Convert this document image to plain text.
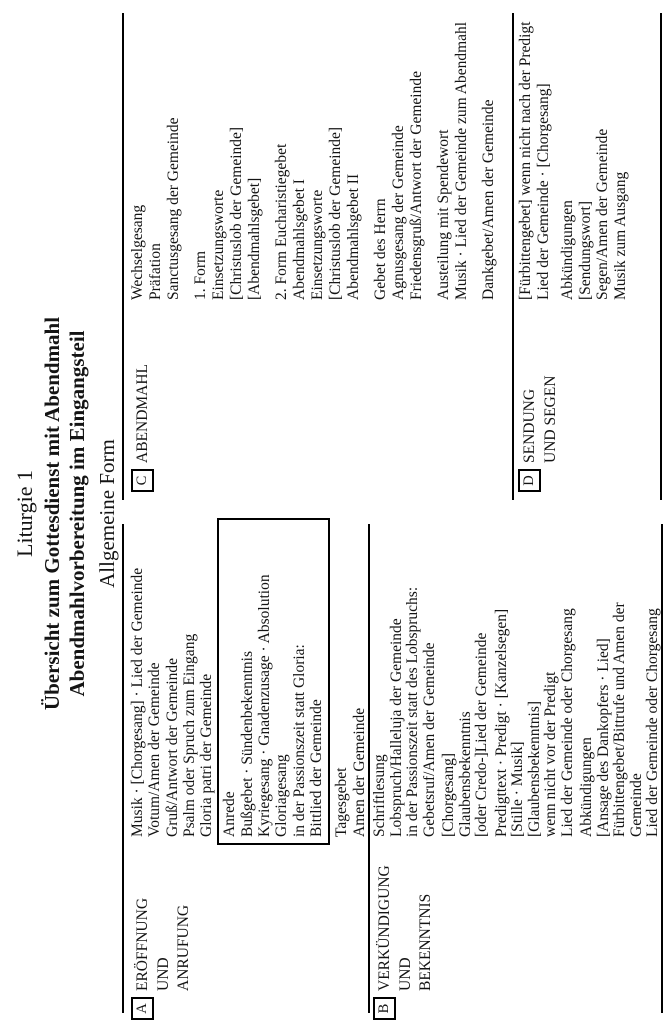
Liturgie 1 Übersicht zum Gottesdienst mit Abendmahl Abendmahlvorbereitung im Eingangsteil Allgemeine Form
A
ERÖFFNUNG UND ANRUFUNG
Musik · [Chorgesang] · Lied der Gemeinde Votum/Amen der Gemeinde Gruß/Antwort der Gemeinde Psalm oder Spruch zum Eingang Gloria patri der Gemeinde Anrede Bußgebet · Sündenbekenntnis Kyriegesang · Gnadenzusage · Absolution Gloriagesang in der Passionszeit statt Gloria: Bittlied der Gemeinde Tagesgebet Amen der Gemeinde
B
VERKÜNDIGUNG UND BEKENNTNIS
Schriftlesung Lobspruch/Halleluja der Gemeinde in der Passionszeit statt des Lobspruchs: Gebetsruf/Amen der Gemeinde [Chorgesang] Glaubensbekenntnis [oder Credo-]Lied der Gemeinde Predigttext · Predigt · [Kanzelsegen] [Stille · Musik] [Glaubensbekenntnis] wenn nicht vor der Predigt Lied der Gemeinde oder Chorgesang Abkündigungen [Ansage des Dankopfers · Lied] Fürbittengebet/Bittrufe und Amen der Gemeinde Lied der Gemeinde oder Chorgesang
C
ABENDMAHL
Wechselgesang Präfation Sanctusgesang der Gemeinde 1. Form Einsetzungsworte [Christuslob der Gemeinde] [Abendmahlsgebet] 2. Form Eucharistiegebet Abendmahlsgebet I Einsetzungsworte [Christuslob der Gemeinde] Abendmahlsgebet II Gebet des Herrn Agnusgesang der Gemeinde Friedensgruß/Antwort der Gemeinde Austeilung mit Spendewort Musik · Lied der Gemeinde zum Abendmahl Dankgebet/Amen der Gemeinde
D
SENDUNG UND SEGEN
[Fürbittengebet] wenn nicht nach der Predigt Lied der Gemeinde · [Chorgesang] Abkündigungen [Sendungswort] Segen/Amen der Gemeinde Musik zum Ausgang
